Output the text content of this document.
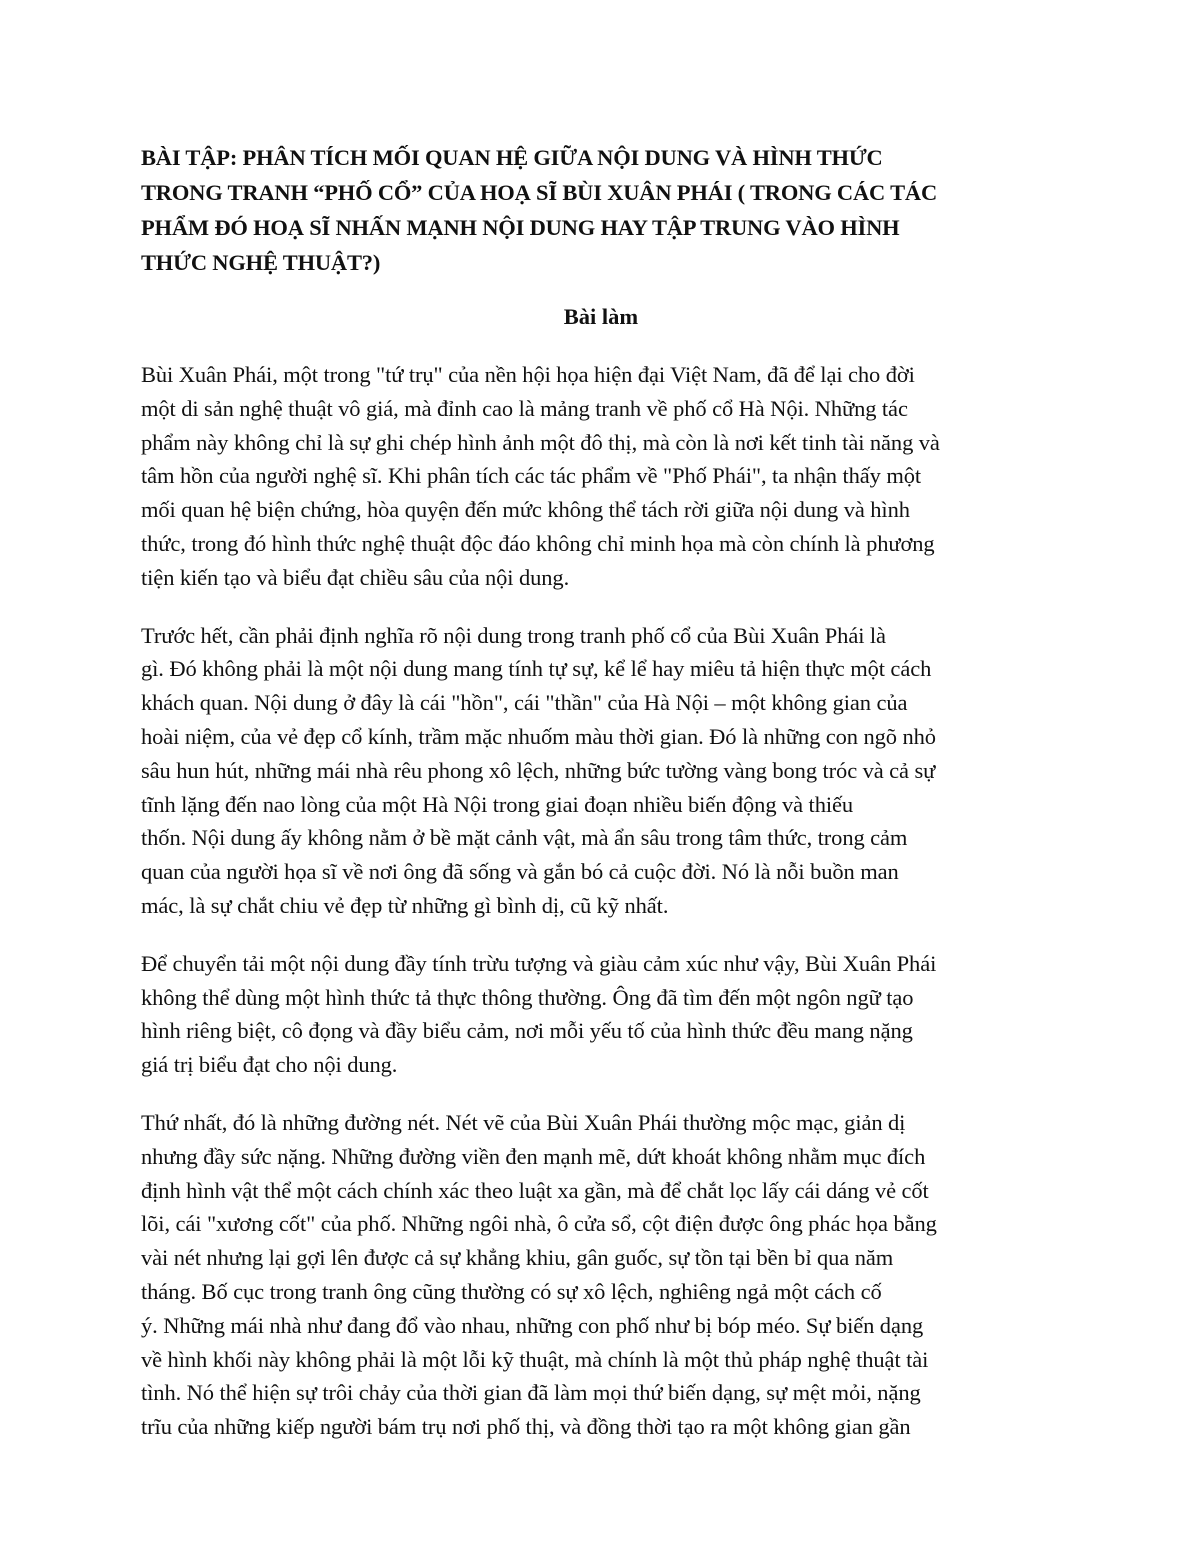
BÀI TẬP: PHÂN TÍCH MỐI QUAN HỆ GIỮA NỘI DUNG VÀ HÌNH THỨC
TRONG TRANH “PHỐ CỔ” CỦA HOẠ SĨ BÙI XUÂN PHÁI ( TRONG CÁC TÁC
PHẨM ĐÓ HOẠ SĨ NHẤN MẠNH NỘI DUNG HAY TẬP TRUNG VÀO HÌNH
THỨC NGHỆ THUẬT?)
Bài làm

Bùi Xuân Phái, một trong "tứ trụ" của nền hội họa hiện đại Việt Nam, đã để lại cho đời
một di sản nghệ thuật vô giá, mà đỉnh cao là mảng tranh về phố cổ Hà Nội. Những tác
phẩm này không chỉ là sự ghi chép hình ảnh một đô thị, mà còn là nơi kết tinh tài năng và
tâm hồn của người nghệ sĩ. Khi phân tích các tác phẩm về "Phố Phái", ta nhận thấy một
mối quan hệ biện chứng, hòa quyện đến mức không thể tách rời giữa nội dung và hình
thức, trong đó hình thức nghệ thuật độc đáo không chỉ minh họa mà còn chính là phương
tiện kiến tạo và biểu đạt chiều sâu của nội dung.

Trước hết, cần phải định nghĩa rõ nội dung trong tranh phố cổ của Bùi Xuân Phái là
gì. Đó không phải là một nội dung mang tính tự sự, kể lể hay miêu tả hiện thực một cách
khách quan. Nội dung ở đây là cái "hồn", cái "thần" của Hà Nội – một không gian của
hoài niệm, của vẻ đẹp cổ kính, trầm mặc nhuốm màu thời gian. Đó là những con ngõ nhỏ
sâu hun hút, những mái nhà rêu phong xô lệch, những bức tường vàng bong tróc và cả sự
tĩnh lặng đến nao lòng của một Hà Nội trong giai đoạn nhiều biến động và thiếu
thốn. Nội dung ấy không nằm ở bề mặt cảnh vật, mà ẩn sâu trong tâm thức, trong cảm
quan của người họa sĩ về nơi ông đã sống và gắn bó cả cuộc đời. Nó là nỗi buồn man
mác, là sự chắt chiu vẻ đẹp từ những gì bình dị, cũ kỹ nhất.

Để chuyển tải một nội dung đầy tính trừu tượng và giàu cảm xúc như vậy, Bùi Xuân Phái
không thể dùng một hình thức tả thực thông thường. Ông đã tìm đến một ngôn ngữ tạo
hình riêng biệt, cô đọng và đầy biểu cảm, nơi mỗi yếu tố của hình thức đều mang nặng
giá trị biểu đạt cho nội dung.

Thứ nhất, đó là những đường nét. Nét vẽ của Bùi Xuân Phái thường mộc mạc, giản dị
nhưng đầy sức nặng. Những đường viền đen mạnh mẽ, dứt khoát không nhằm mục đích
định hình vật thể một cách chính xác theo luật xa gần, mà để chắt lọc lấy cái dáng vẻ cốt
lõi, cái "xương cốt" của phố. Những ngôi nhà, ô cửa sổ, cột điện được ông phác họa bằng
vài nét nhưng lại gợi lên được cả sự khẳng khiu, gân guốc, sự tồn tại bền bỉ qua năm
tháng. Bố cục trong tranh ông cũng thường có sự xô lệch, nghiêng ngả một cách cố
ý. Những mái nhà như đang đổ vào nhau, những con phố như bị bóp méo. Sự biến dạng
về hình khối này không phải là một lỗi kỹ thuật, mà chính là một thủ pháp nghệ thuật tài
tình. Nó thể hiện sự trôi chảy của thời gian đã làm mọi thứ biến dạng, sự mệt mỏi, nặng
trĩu của những kiếp người bám trụ nơi phố thị, và đồng thời tạo ra một không gian gần
